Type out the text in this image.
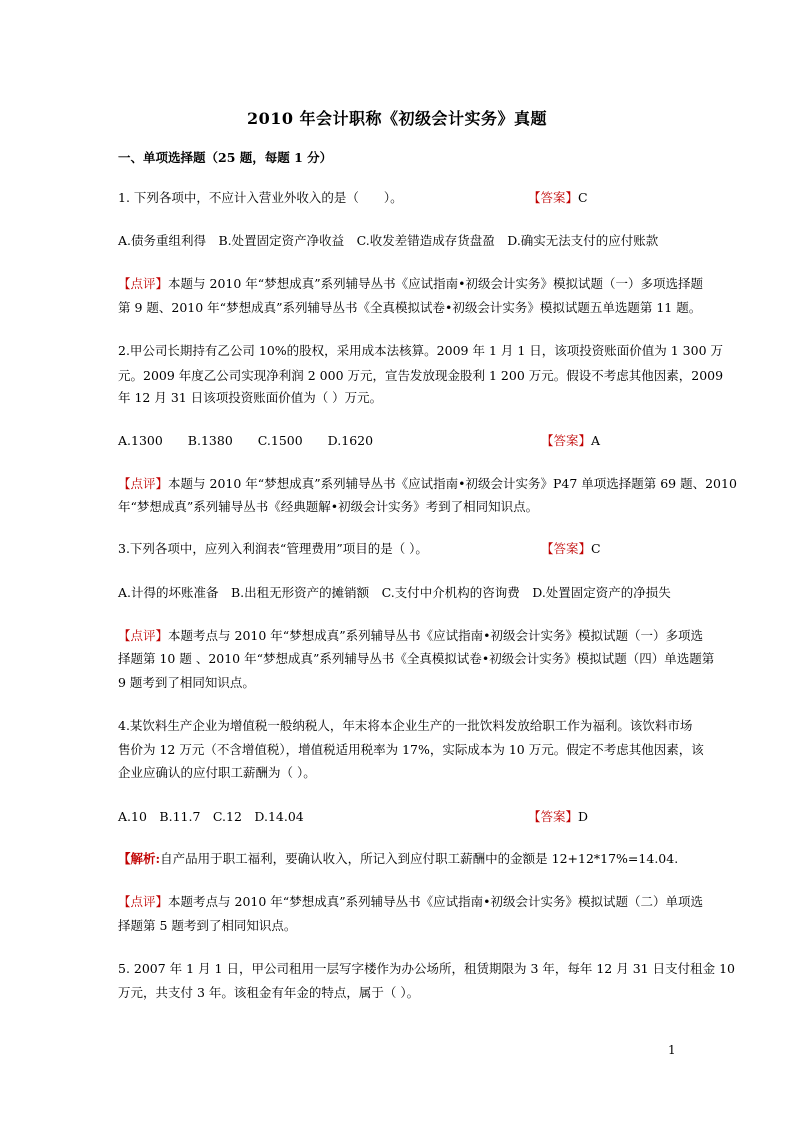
2010 年会计职称《初级会计实务》真题
一、单项选择题（25 题，每题 1 分）
1. 下列各项中，不应计入营业外收入的是（　　）。	【答案】C
A.债务重组利得　B.处置固定资产净收益　C.收发差错造成存货盘盈　D.确实无法支付的应付账款
【点评】本题与 2010 年“梦想成真”系列辅导丛书《应试指南•初级会计实务》模拟试题（一）多项选择题
第 9 题、2010 年“梦想成真”系列辅导丛书《全真模拟试卷•初级会计实务》模拟试题五单选题第 11 题。
2.甲公司长期持有乙公司 10%的股权，采用成本法核算。2009 年 1 月 1 日，该项投资账面价值为 1 300 万
元。2009 年度乙公司实现净利润 2 000 万元，宣告发放现金股利 1 200 万元。假设不考虑其他因素，2009
年 12 月 31 日该项投资账面价值为（ ）万元。
A.1300　　B.1380　　C.1500　　D.1620	【答案】A
【点评】本题与 2010 年“梦想成真”系列辅导丛书《应试指南•初级会计实务》P47 单项选择题第 69 题、2010
年“梦想成真”系列辅导丛书《经典题解•初级会计实务》考到了相同知识点。
3.下列各项中，应列入利润表“管理费用”项目的是（ ）。	【答案】C
A.计得的坏账准备　B.出租无形资产的摊销额　C.支付中介机构的咨询费　D.处置固定资产的净损失
【点评】本题考点与 2010 年“梦想成真”系列辅导丛书《应试指南•初级会计实务》模拟试题（一）多项选
择题第 10 题 、2010 年“梦想成真”系列辅导丛书《全真模拟试卷•初级会计实务》模拟试题（四）单选题第
9 题考到了相同知识点。
4.某饮料生产企业为增值税一般纳税人，年末将本企业生产的一批饮料发放给职工作为福利。该饮料市场
售价为 12 万元（不含增值税），增值税适用税率为 17%，实际成本为 10 万元。假定不考虑其他因素，该
企业应确认的应付职工薪酬为（ ）。
A.10　B.11.7　C.12　D.14.04	【答案】D
【解析:自产品用于职工福利，要确认收入，所记入到应付职工薪酬中的金额是 12+12*17%=14.04.
【点评】本题考点与 2010 年“梦想成真”系列辅导丛书《应试指南•初级会计实务》模拟试题（二）单项选
择题第 5 题考到了相同知识点。
5. 2007 年 1 月 1 日，甲公司租用一层写字楼作为办公场所，租赁期限为 3 年，每年 12 月 31 日支付租金 10
万元，共支付 3 年。该租金有年金的特点，属于（ ）。
1
